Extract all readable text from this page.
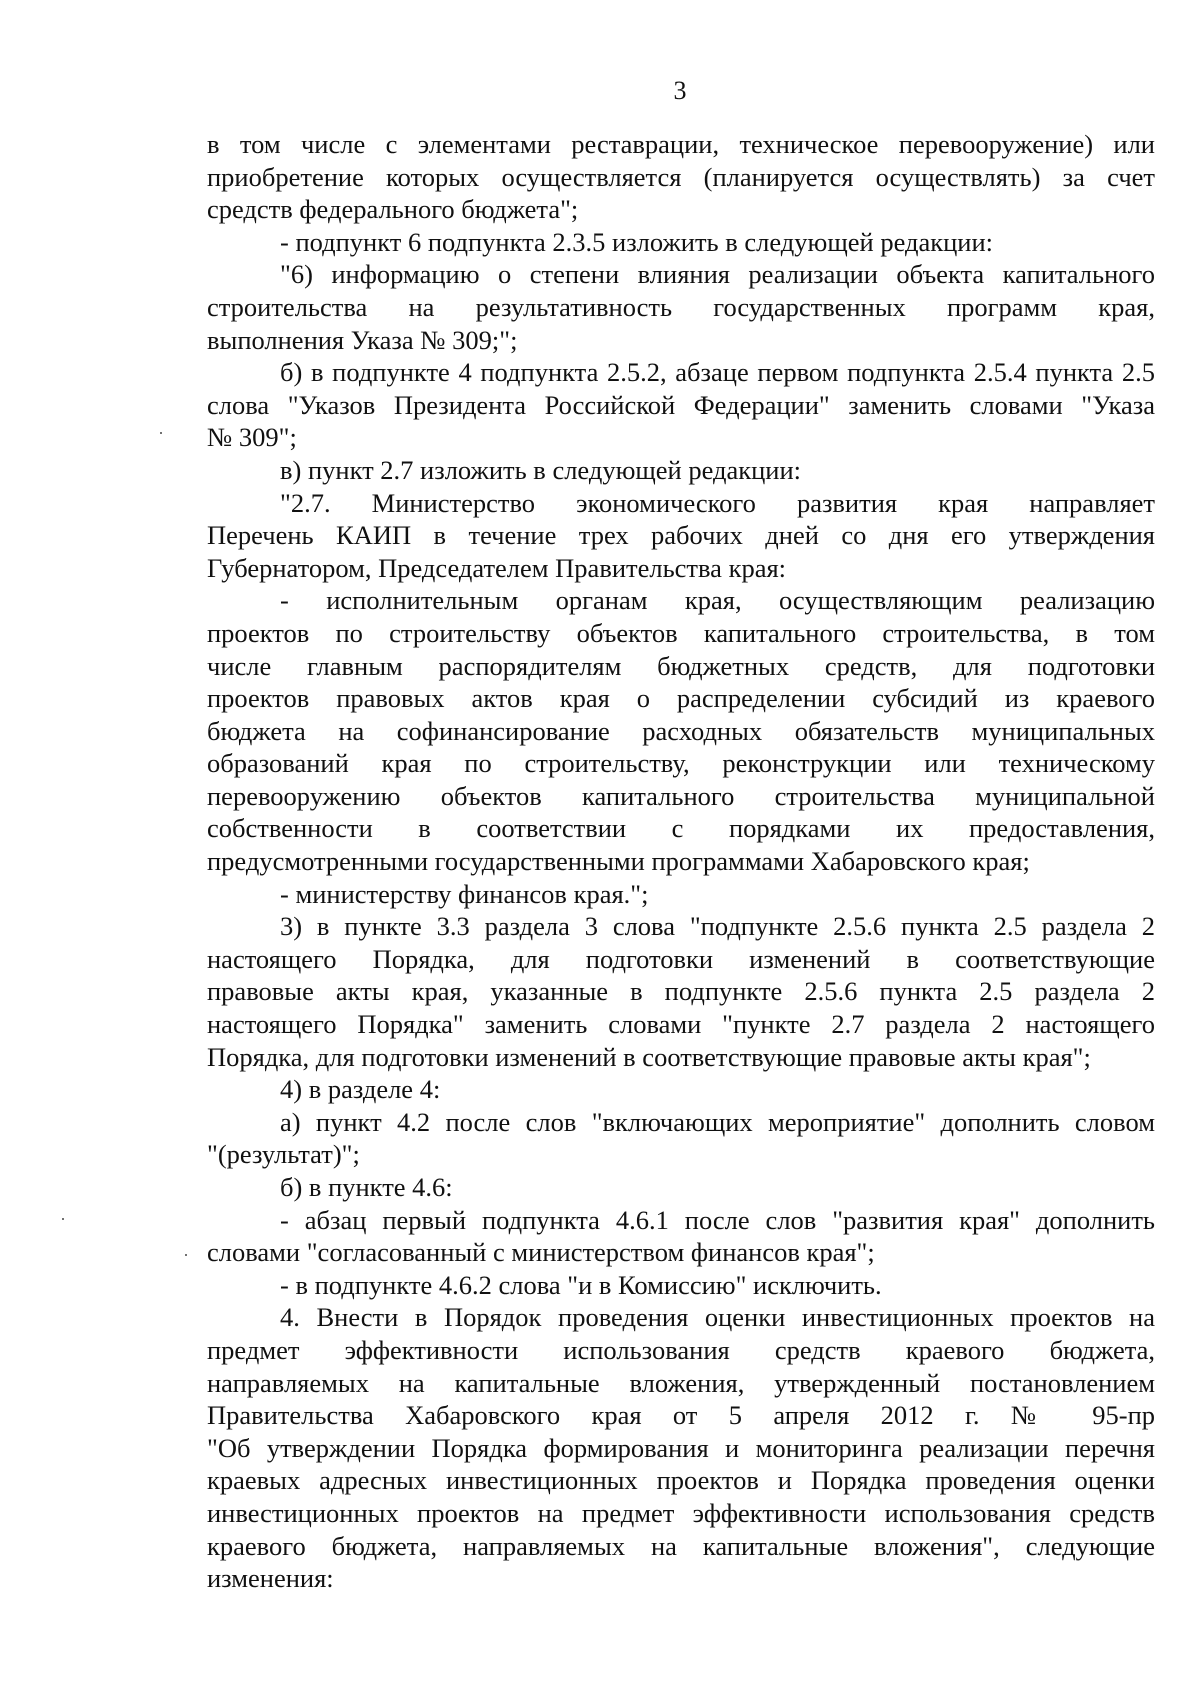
3

в том числе с элементами реставрации, техническое перевооружение) или

приобретение которых осуществляется (планируется осуществлять) за счет

средств федерального бюджета";

- подпункт 6 подпункта 2.3.5 изложить в следующей редакции:

"6) информацию о степени влияния реализации объекта капитального

строительства на результативность государственных программ края,

выполнения Указа № 309;";

б) в подпункте 4 подпункта 2.5.2, абзаце первом подпункта 2.5.4 пункта 2.5

слова "Указов Президента Российской Федерации" заменить словами "Указа

№ 309";

в) пункт 2.7 изложить в следующей редакции:

"2.7. Министерство экономического развития края направляет

Перечень КАИП в течение трех рабочих дней со дня его утверждения

Губернатором, Председателем Правительства края:

- исполнительным органам края, осуществляющим реализацию

проектов по строительству объектов капитального строительства, в том

числе главным распорядителям бюджетных средств, для подготовки

проектов правовых актов края о распределении субсидий из краевого

бюджета на софинансирование расходных обязательств муниципальных

образований края по строительству, реконструкции или техническому

перевооружению объектов капитального строительства муниципальной

собственности в соответствии с порядками их предоставления,

предусмотренными государственными программами Хабаровского края;

- министерству финансов края.";

3) в пункте 3.3 раздела 3 слова "подпункте 2.5.6 пункта 2.5 раздела 2

настоящего Порядка, для подготовки изменений в соответствующие

правовые акты края, указанные в подпункте 2.5.6 пункта 2.5 раздела 2

настоящего Порядка" заменить словами "пункте 2.7 раздела 2 настоящего

Порядка, для подготовки изменений в соответствующие правовые акты края";

4) в разделе 4:

а) пункт 4.2 после слов "включающих мероприятие" дополнить словом

"(результат)";

б) в пункте 4.6:

- абзац первый подпункта 4.6.1 после слов "развития края" дополнить

словами "согласованный с министерством финансов края";

- в подпункте 4.6.2 слова "и в Комиссию" исключить.

4. Внести в Порядок проведения оценки инвестиционных проектов на

предмет эффективности использования средств краевого бюджета,

направляемых на капитальные вложения, утвержденный постановлением

Правительства Хабаровского края от 5 апреля 2012 г. № 95-пр

"Об утверждении Порядка формирования и мониторинга реализации перечня

краевых адресных инвестиционных проектов и Порядка проведения оценки

инвестиционных проектов на предмет эффективности использования средств

краевого бюджета, направляемых на капитальные вложения", следующие

изменения:
